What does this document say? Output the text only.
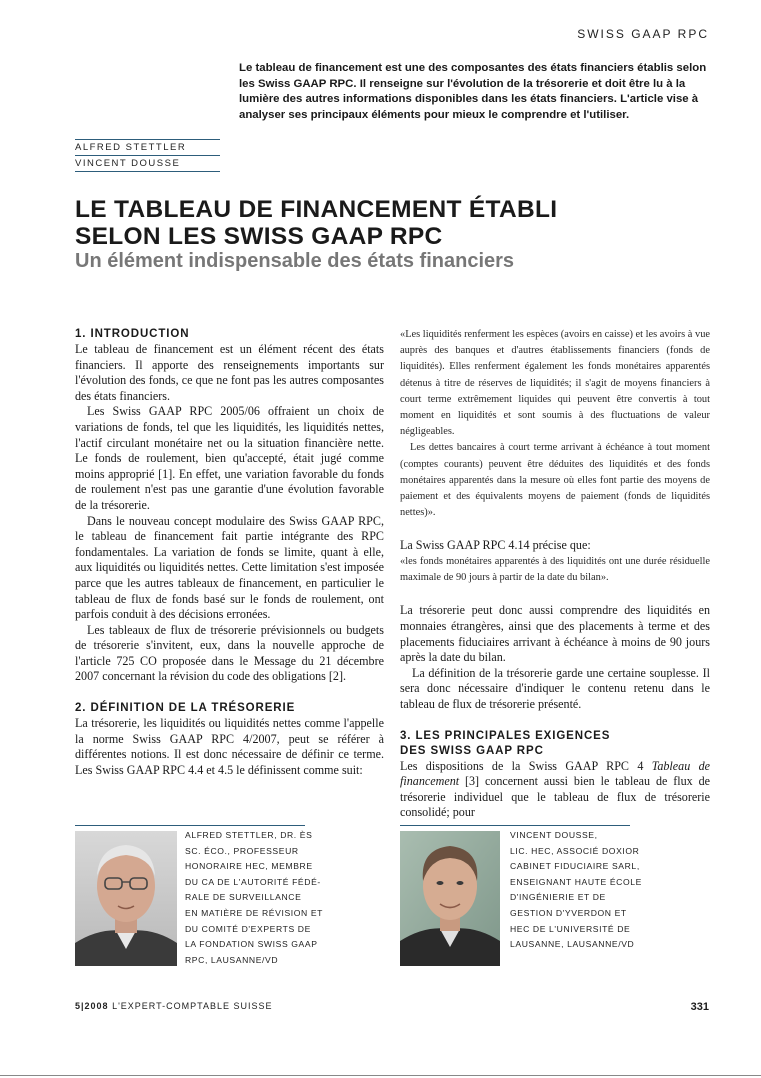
SWISS GAAP RPC
Le tableau de financement est une des composantes des états financiers établis selon les Swiss GAAP RPC. Il renseigne sur l'évolution de la trésorerie et doit être lu à la lumière des autres informations disponibles dans les états financiers. L'article vise à analyser ses principaux éléments pour mieux le comprendre et l'utiliser.
ALFRED STETTLER
VINCENT DOUSSE
LE TABLEAU DE FINANCEMENT ÉTABLI
SELON LES SWISS GAAP RPC
Un élément indispensable des états financiers
1. INTRODUCTION

Le tableau de financement est un élément récent des états financiers. Il apporte des renseignements importants sur l'évolution des fonds, ce que ne font pas les autres composantes des états financiers.

Les Swiss GAAP RPC 2005/06 offraient un choix de variations de fonds, tel que les liquidités, les liquidités nettes, l'actif circulant monétaire net ou la situation financière nette. Le fonds de roulement, bien qu'accepté, était jugé comme moins approprié [1]. En effet, une variation favorable du fonds de roulement n'est pas une garantie d'une évolution favorable de la trésorerie.

Dans le nouveau concept modulaire des Swiss GAAP RPC, le tableau de financement fait partie intégrante des RPC fondamentales. La variation de fonds se limite, quant à elle, aux liquidités ou liquidités nettes. Cette limitation s'est imposée parce que les autres tableaux de financement, en particulier le tableau de flux de fonds basé sur le fonds de roulement, ont parfois conduit à des décisions erronées.

Les tableaux de flux de trésorerie prévisionnels ou budgets de trésorerie s'invitent, eux, dans la nouvelle approche de l'article 725 CO proposée dans le Message du 21 décembre 2007 concernant la révision du code des obligations [2].

2. DÉFINITION DE LA TRÉSORERIE

La trésorerie, les liquidités ou liquidités nettes comme l'appelle la norme Swiss GAAP RPC 4/2007, peut se référer à différentes notions. Il est donc nécessaire de définir ce terme. Les Swiss GAAP RPC 4.4 et 4.5 le définissent comme suit:

«Les liquidités renferment les espèces (avoirs en caisse) et les avoirs à vue auprès des banques et d'autres établissements financiers (fonds de liquidités). Elles renferment également les fonds monétaires apparentés détenus à titre de réserves de liquidités; il s'agit de moyens financiers à court terme extrêmement liquides qui peuvent être convertis à tout moment en liquidités et sont soumis à des fluctuations de valeur négligeables.

Les dettes bancaires à court terme arrivant à échéance à tout moment (comptes courants) peuvent être déduites des liquidités et des fonds monétaires apparentés dans la mesure où elles font partie des moyens de paiement et des équivalents moyens de paiement (fonds de liquidités nettes)».

La Swiss GAAP RPC 4.14 précise que:
«les fonds monétaires apparentés à des liquidités ont une durée résiduelle maximale de 90 jours à partir de la date du bilan».

La trésorerie peut donc aussi comprendre des liquidités en monnaies étrangères, ainsi que des placements à terme et des placements fiduciaires arrivant à échéance à moins de 90 jours après la date du bilan.

La définition de la trésorerie garde une certaine souplesse. Il sera donc nécessaire d'indiquer le contenu retenu dans le tableau de flux de trésorerie présenté.

3. LES PRINCIPALES EXIGENCES
DES SWISS GAAP RPC

Les dispositions de la Swiss GAAP RPC 4 Tableau de financement [3] concernent aussi bien le tableau de flux de trésorerie individuel que le tableau de flux de trésorerie consolidé; pour

ALFRED STETTLER, DR. ÈS
SC. ÉCO., PROFESSEUR
HONORAIRE HEC, MEMBRE
DU CA DE L'AUTORITÉ FÉDÉ-
RALE DE SURVEILLANCE
EN MATIÈRE DE RÉVISION ET
DU COMITÉ D'EXPERTS DE
LA FONDATION SWISS GAAP
RPC, LAUSANNE/VD
VINCENT DOUSSE,
LIC. HEC, ASSOCIÉ DOXIOR
CABINET FIDUCIAIRE SARL,
ENSEIGNANT HAUTE ÉCOLE
D'INGÉNIERIE ET DE
GESTION D'YVERDON ET
HEC DE L'UNIVERSITÉ DE
LAUSANNE, LAUSANNE/VD
5|2008 L'EXPERT-COMPTABLE SUISSE	331
